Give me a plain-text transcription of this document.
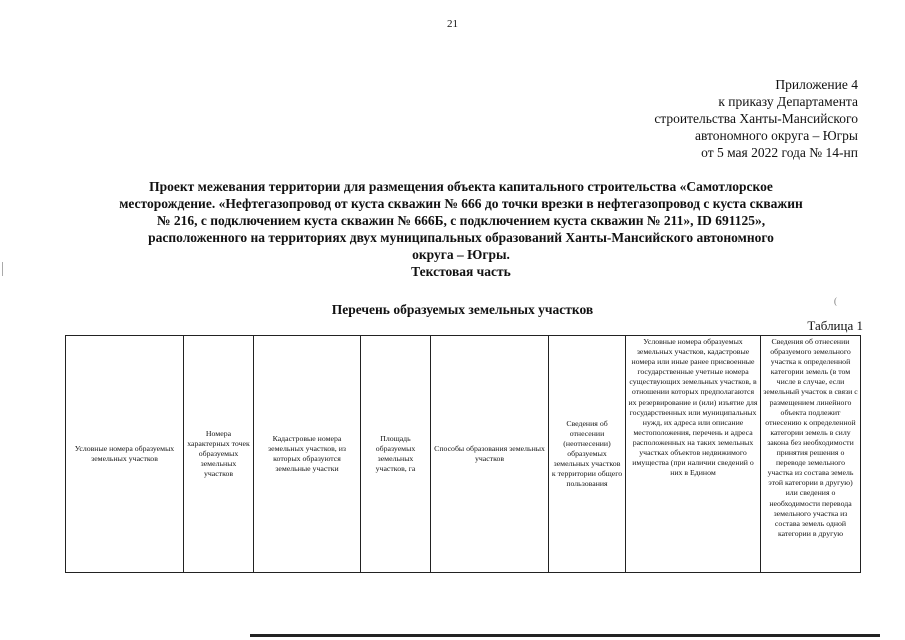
21
Приложение 4
к приказу Департамента
строительства Ханты-Мансийского
автономного округа – Югры
от 5 мая 2022 года № 14-нп
Проект межевания территории для размещения объекта капитального строительства «Самотлорское
месторождение. «Нефтегазопровод от куста скважин № 666 до точки врезки в нефтегазопровод с куста скважин
№ 216, с подключением куста скважин № 666Б, с подключением куста скважин № 211», ID 691125»,
расположенного на территориях двух муниципальных образований Ханты-Мансийского автономного
округа – Югры.
Текстовая часть
Перечень образуемых земельных участков
Таблица 1
Условные номера образуемых земельных участков	Номера характерных точек образуемых земельных участков	Кадастровые номера земельных участков, из которых образуются земельные участки	Площадь образуемых земельных участков, га	Способы образования земельных участков	Сведения об отнесении (неотнесении) образуемых земельных участков к территории общего пользования	Условные номера образуемых земельных участков, кадастровые номера или иные ранее присвоенные государственные учетные номера существующих земельных участков, в отношении которых предполагаются их резервирование и (или) изъятие для государственных или муниципальных нужд, их адреса или описание местоположения, перечень и адреса расположенных на таких земельных участках объектов недвижимого имущества (при наличии сведений о них в Едином	Сведения об отнесении образуемого земельного участка к определенной категории земель (в том числе в случае, если земельный участок в связи с размещением линейного объекта подлежит отнесению к определенной категории земель в силу закона без необходимости принятия решения о переводе земельного участка из состава земель этой категории в другую) или сведения о необходимости перевода земельного участка из состава земель одной категории в другую
(
